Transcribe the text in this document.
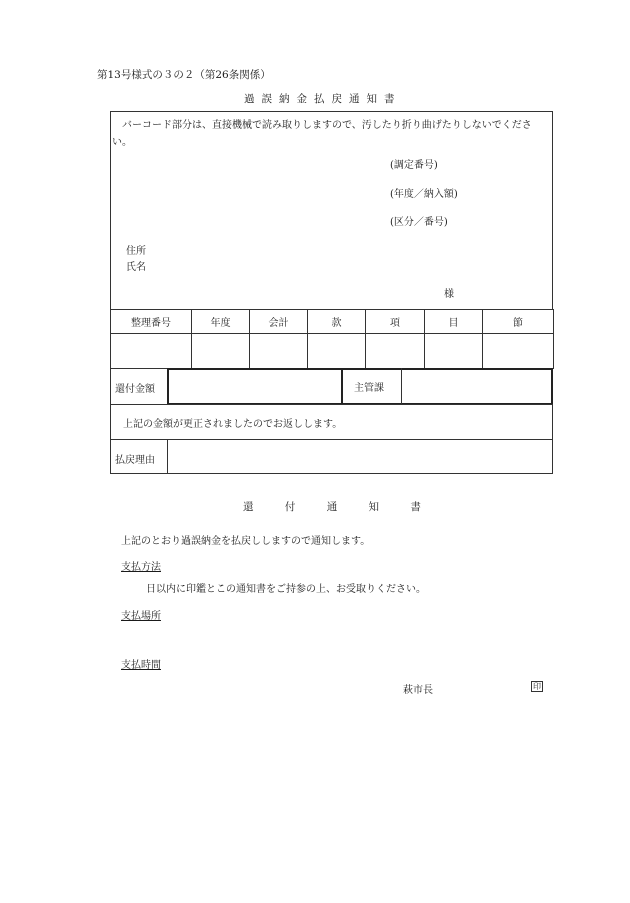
第13号様式の３の２（第26条関係）
過誤納金払戻通知書
バーコード部分は、直接機械で読み取りしますので、汚したり折り曲げたりしないでください。
(調定番号)
(年度／納入額)
(区分／番号)
住所
氏名
様
整理番号	年度	会計	款	項	目	節

還付金額	主管課
上記の金額が更正されましたのでお返しします。
払戻理由
還	付	通	知	書
上記のとおり過誤納金を払戻ししますので通知します。
支払方法
日以内に印鑑とこの通知書をご持参の上、お受取りください。
支払場所
支払時間
萩市長	印
